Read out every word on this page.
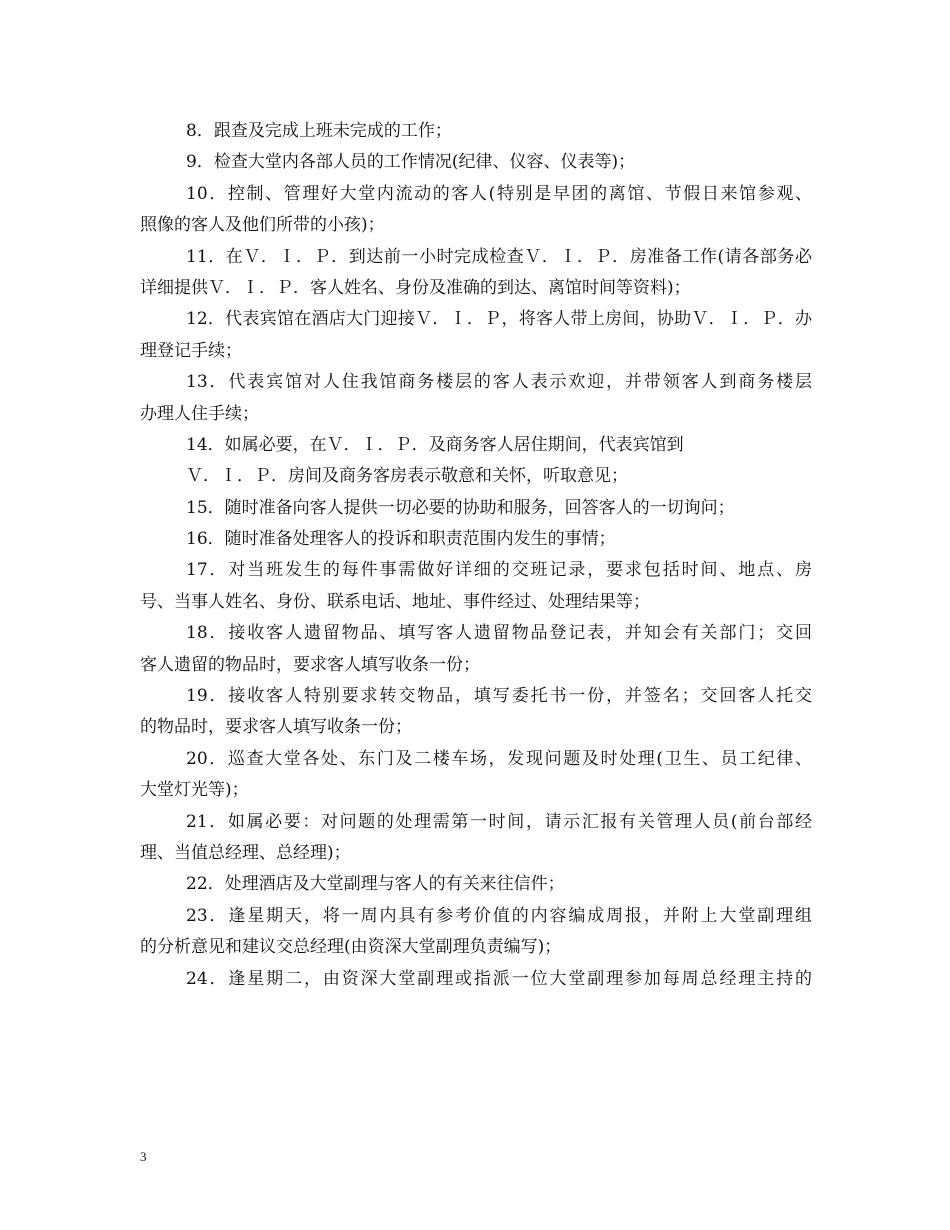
8．跟查及完成上班未完成的工作；
9．检查大堂内各部人员的工作情况(纪律、仪容、仪表等)；
10．控制、管理好大堂内流动的客人(特别是早团的离馆、节假日来馆参观、
照像的客人及他们所带的小孩)；
11．在Ｖ．Ｉ．Ｐ．到达前一小时完成检查Ｖ．Ｉ．Ｐ．房准备工作(请各部务必
详细提供Ｖ．Ｉ．Ｐ．客人姓名、身份及准确的到达、离馆时间等资料)；
12．代表宾馆在酒店大门迎接Ｖ．Ｉ．Ｐ，将客人带上房间，协助Ｖ．Ｉ．Ｐ．办
理登记手续；
13．代表宾馆对人住我馆商务楼层的客人表示欢迎，并带领客人到商务楼层
办理人住手续；
14．如属必要，在Ｖ．Ｉ．Ｐ．及商务客人居住期间，代表宾馆到
Ｖ．Ｉ．Ｐ．房间及商务客房表示敬意和关怀，听取意见；
15．随时准备向客人提供一切必要的协助和服务，回答客人的一切询问；
16．随时准备处理客人的投诉和职责范围内发生的事情；
17．对当班发生的每件事需做好详细的交班记录，要求包括时间、地点、房
号、当事人姓名、身份、联系电话、地址、事件经过、处理结果等；
18．接收客人遗留物品、填写客人遗留物品登记表，并知会有关部门；交回
客人遗留的物品时，要求客人填写收条一份；
19．接收客人特别要求转交物品，填写委托书一份，并签名；交回客人托交
的物品时，要求客人填写收条一份；
20．巡查大堂各处、东门及二楼车场，发现问题及时处理(卫生、员工纪律、
大堂灯光等)；
21．如属必要：对问题的处理需第一时间，请示汇报有关管理人员(前台部经
理、当值总经理、总经理)；
22．处理酒店及大堂副理与客人的有关来往信件；
23．逢星期天，将一周内具有参考价值的内容编成周报，并附上大堂副理组
的分析意见和建议交总经理(由资深大堂副理负责编写)；
24．逢星期二，由资深大堂副理或指派一位大堂副理参加每周总经理主持的
3
